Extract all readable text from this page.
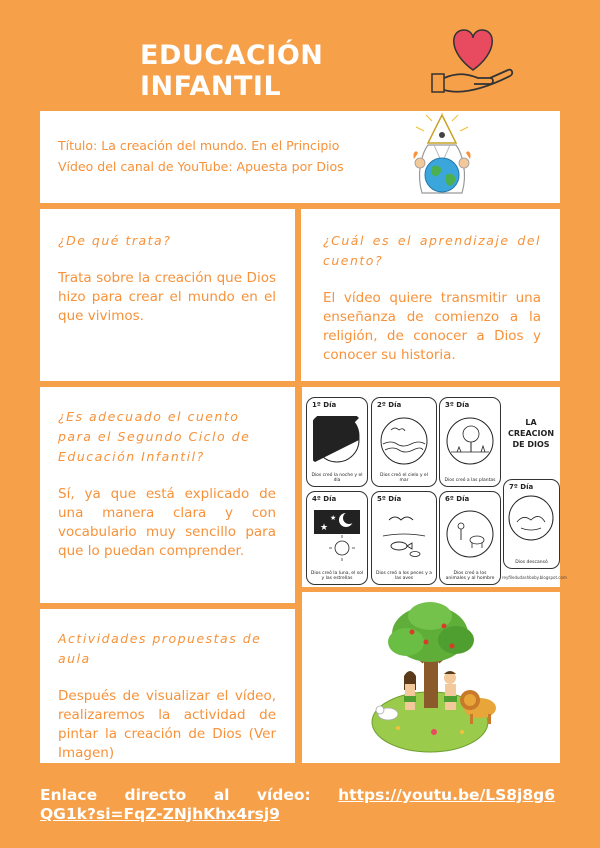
EDUCACIÓN INFANTIL
Título: La creación del mundo. En el Principio
Vídeo del canal de YouTube: Apuesta por Dios
¿De qué trata?
Trata sobre la creación que Dios hizo para crear el mundo en el que vivimos.
¿Cuál es el aprendizaje del cuento?
El vídeo quiere transmitir una enseñanza de comienzo a la religión, de conocer a Dios y conocer su historia.
¿Es adecuado el cuento para el Segundo Ciclo de Educación Infantil?
Sí, ya que está explicado de una manera clara y con vocabulario muy sencillo para que lo puedan comprender.
1º Día
Dios creó la noche y el día
2º Día
Dios creó el cielo y el mar
3º Día
Dios creó a las plantas
LA
CREACION
DE DIOS
4º Día
★
★
Dios creó la luna, el sol y las estrellas
5º Día
Dios creó a los peces y a las aves
6º Día
Dios creó a los animales y al hombre
7º Día
Dios descansó
reyfiledudashboby.blogspot.com
Actividades propuestas de aula
Después de visualizar el vídeo, realizaremos la actividad de pintar la creación de Dios (Ver Imagen)
Enlace directo al vídeo: https://youtu.be/LS8j8g6QG1k?si=FqZ-ZNjhKhx4rsj9
